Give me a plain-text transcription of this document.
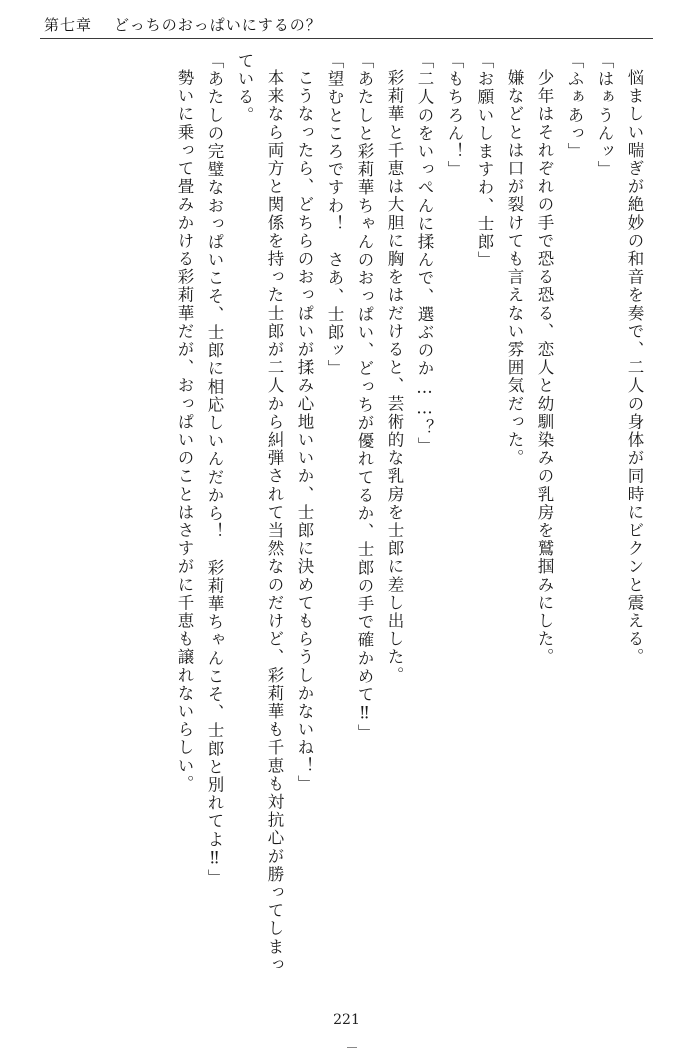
第七章 どっちのおっぱいにするの？

悩ましい喘ぎが絶妙の和音を奏で、二人の身体が同時にビクンと震える。

「はぁうんッ」

「ふぁあっ」

少年はそれぞれの手で恐る恐る、恋人と幼馴染みの乳房を鷲掴みにした。

嫌などとは口が裂けても言えない雰囲気だった。

「お願いしますわ、士郎」

「もちろん！」

「二人のをいっぺんに揉んで、選ぶのか……？」

彩莉華と千恵は大胆に胸をはだけると、芸術的な乳房を士郎に差し出した。

「あたしと彩莉華ちゃんのおっぱい、どっちが優れてるか、士郎の手で確かめて‼」

「望むところですわ！　さあ、士郎ッ」

こうなったら、どちらのおっぱいが揉み心地いいか、士郎に決めてもらうしかないね！」

本来なら両方と関係を持った士郎が二人から糾弾されて当然なのだけど、彩莉華も千恵も対抗心が勝ってしまっている。

「あたしの完璧なおっぱいこそ、士郎に相応しいんだから！　彩莉華ちゃんこそ、士郎と別れてよ‼」

勢いに乗って畳みかける彩莉華だが、おっぱいのことはさすがに千恵も譲れないらしい。

221
